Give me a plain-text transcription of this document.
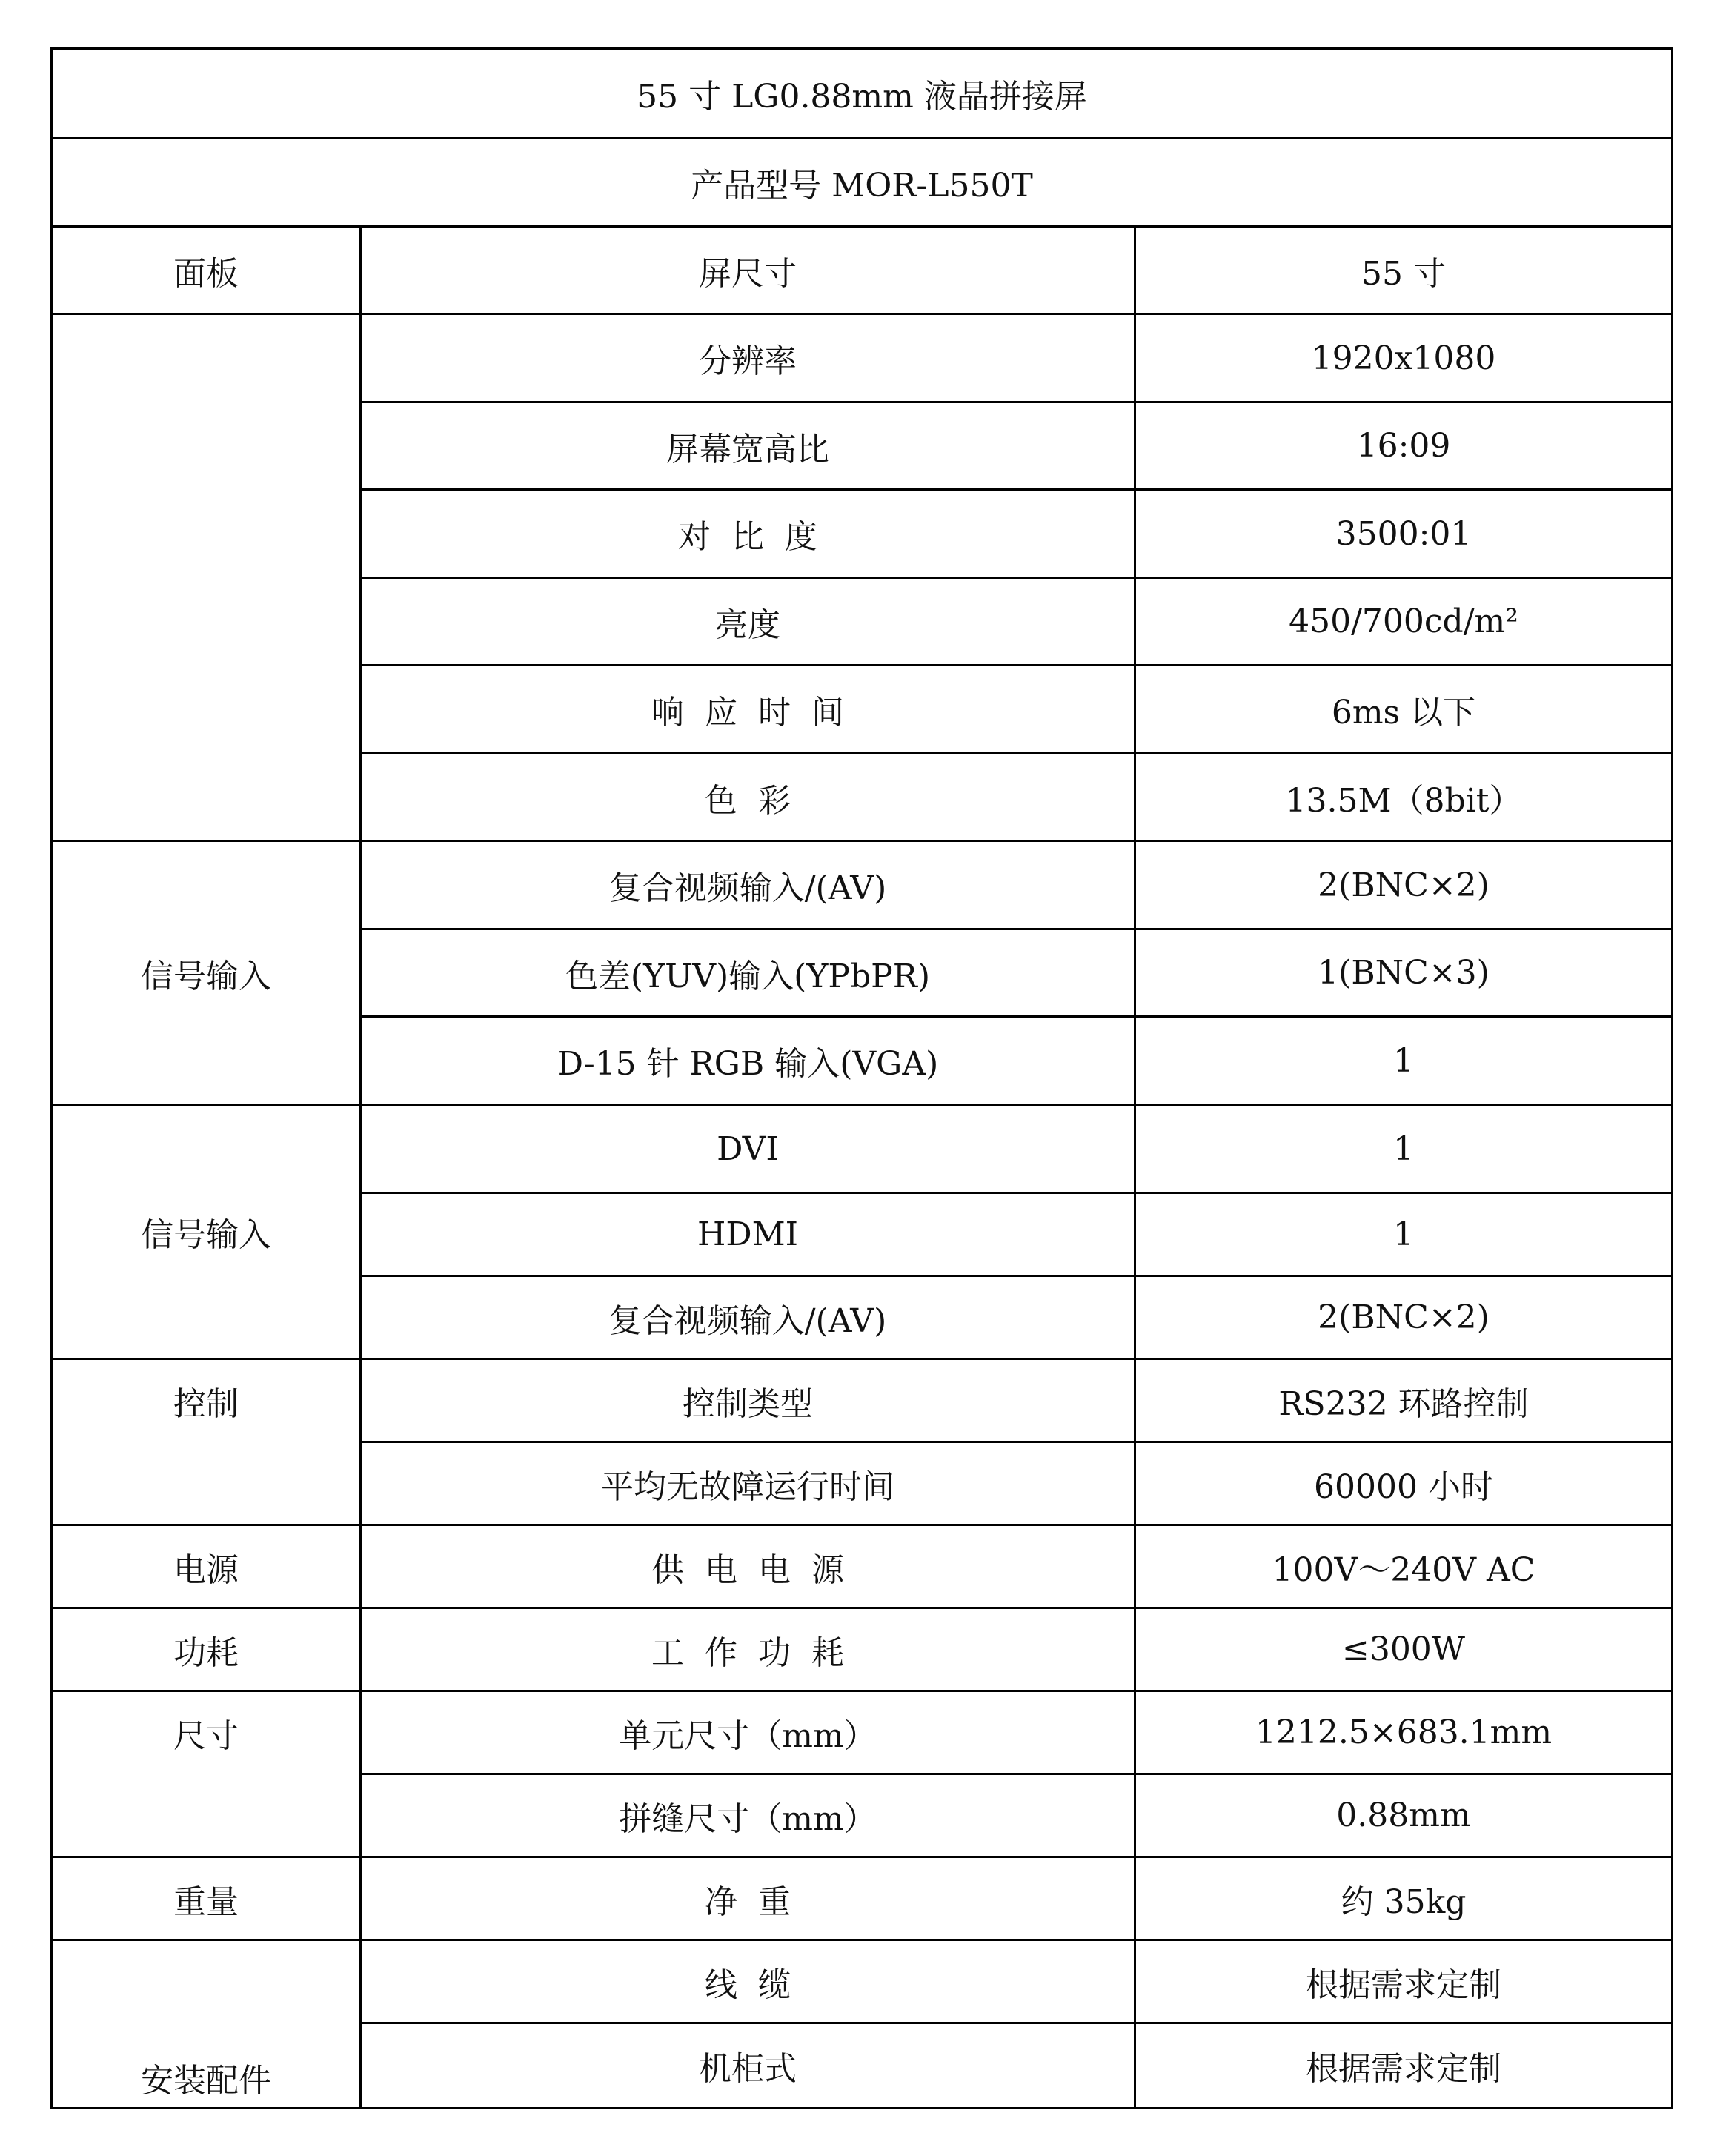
55 寸 LG0.88mm 液晶拼接屏
产品型号 MOR-L550T
面板
信号输入
信号输入
控制
电源
功耗
尺寸
重量
安装配件
屏尺寸
分辨率
屏幕宽高比
对  比  度
亮度
响  应  时  间
色  彩
复合视频输入/(AV)
色差(YUV)输入(YPbPR)
D-15 针 RGB 输入(VGA)
DVI
HDMI
复合视频输入/(AV)
控制类型
平均无故障运行时间
供  电  电  源
工  作  功  耗
单元尺寸（mm）
拼缝尺寸（mm）
净  重
线  缆
机柜式
55 寸
1920x1080
16:09
3500:01
450/700cd/m²
6ms 以下
13.5M（8bit）
2(BNC×2)
1(BNC×3)
1
1
1
2(BNC×2)
RS232 环路控制
60000 小时
100V～240V AC
≤300W
1212.5×683.1mm
0.88mm
约 35kg
根据需求定制
根据需求定制
